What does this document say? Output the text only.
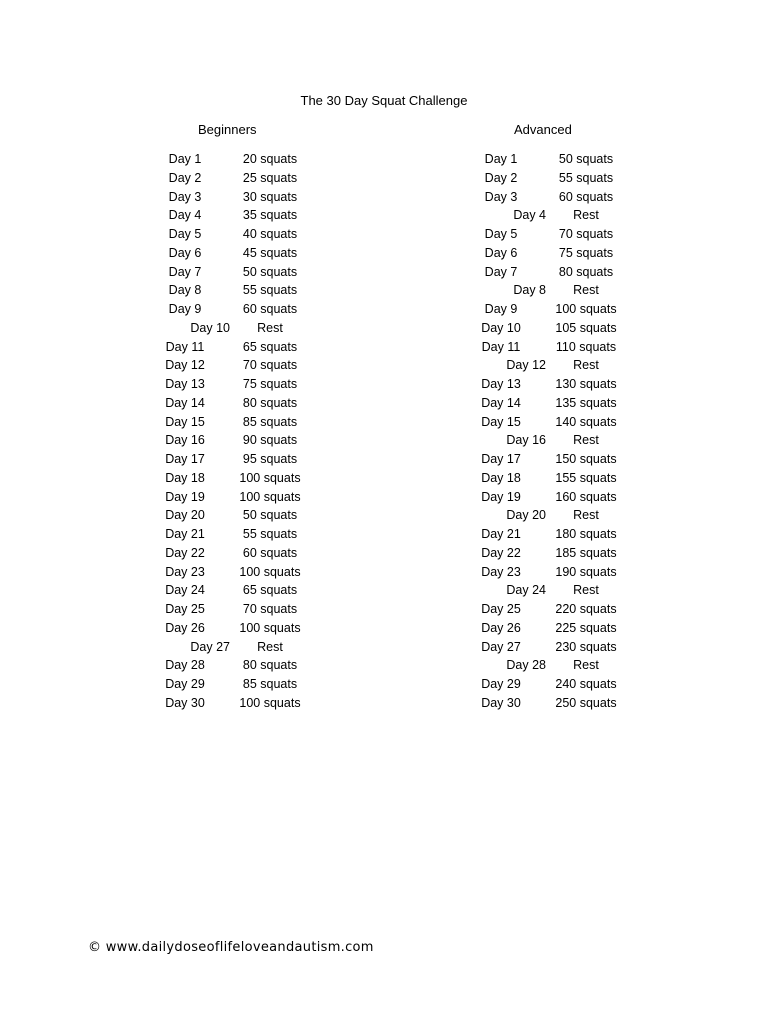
The 30 Day Squat Challenge
Beginners	Advanced
Day 1	20 squats
Day 2	25 squats
Day 3	30 squats
Day 4	35 squats
Day 5	40 squats
Day 6	45 squats
Day 7	50 squats
Day 8	55 squats
Day 9	60 squats
Day 10	Rest
Day 11	65 squats
Day 12	70 squats
Day 13	75 squats
Day 14	80 squats
Day 15	85 squats
Day 16	90 squats
Day 17	95 squats
Day 18	100 squats
Day 19	100 squats
Day 20	50 squats
Day 21	55 squats
Day 22	60 squats
Day 23	100 squats
Day 24	65 squats
Day 25	70 squats
Day 26	100 squats
Day 27	Rest
Day 28	80 squats
Day 29	85 squats
Day 30	100 squats
Day 1	50 squats
Day 2	55 squats
Day 3	60 squats
Day 4	Rest
Day 5	70 squats
Day 6	75 squats
Day 7	80 squats
Day 8	Rest
Day 9	100 squats
Day 10	105 squats
Day 11	110 squats
Day 12	Rest
Day 13	130 squats
Day 14	135 squats
Day 15	140 squats
Day 16	Rest
Day 17	150 squats
Day 18	155 squats
Day 19	160 squats
Day 20	Rest
Day 21	180 squats
Day 22	185 squats
Day 23	190 squats
Day 24	Rest
Day 25	220 squats
Day 26	225 squats
Day 27	230 squats
Day 28	Rest
Day 29	240 squats
Day 30	250 squats
© www.dailydoseoflifeloveandautism.com
